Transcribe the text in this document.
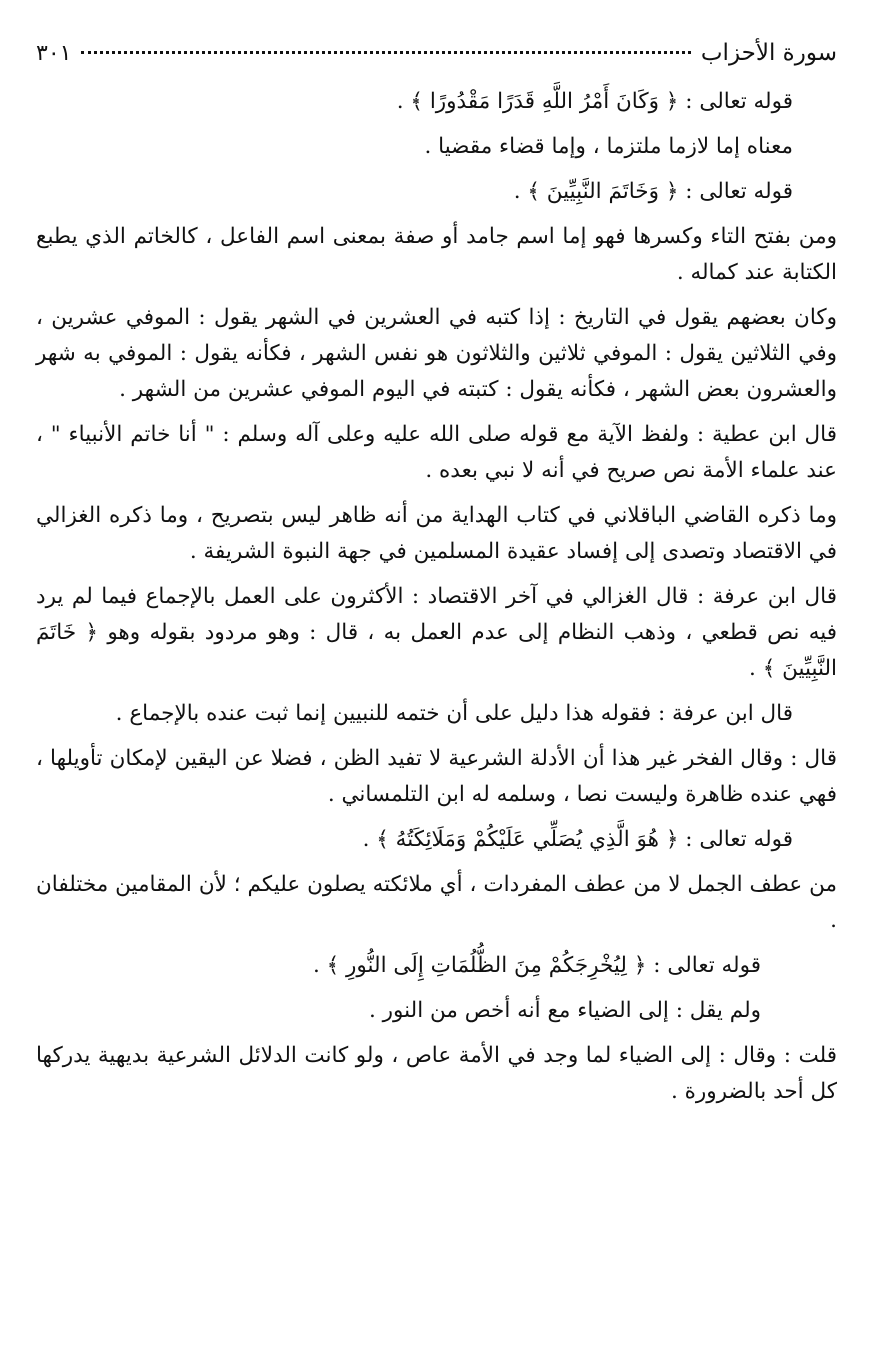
سورة الأحزاب
٣٠١

قوله تعالى : ﴿ وَكَانَ أَمْرُ اللَّهِ قَدَرًا مَقْدُورًا ﴾ .

معناه إما لازما ملتزما ، وإما قضاء مقضيا .

قوله تعالى : ﴿ وَخَاتَمَ النَّبِيِّينَ ﴾ .

ومن بفتح التاء وكسرها فهو إما اسم جامد أو صفة بمعنى اسم الفاعل ، كالخاتم الذي يطبع الكتابة عند كماله .

وكان بعضهم يقول في التاريخ : إذا كتبه في العشرين في الشهر يقول : الموفي عشرين ، وفي الثلاثين يقول : الموفي ثلاثين والثلاثون هو نفس الشهر ، فكأنه يقول : الموفي به شهر والعشرون بعض الشهر ، فكأنه يقول : كتبته في اليوم الموفي عشرين من الشهر .

قال ابن عطية : ولفظ الآية مع قوله صلى الله عليه وعلى آله وسلم : " أنا خاتم الأنبياء " ، عند علماء الأمة نص صريح في أنه لا نبي بعده .

وما ذكره القاضي الباقلاني في كتاب الهداية من أنه ظاهر ليس بتصريح ، وما ذكره الغزالي في الاقتصاد وتصدى إلى إفساد عقيدة المسلمين في جهة النبوة الشريفة .

قال ابن عرفة : قال الغزالي في آخر الاقتصاد : الأكثرون على العمل بالإجماع فيما لم يرد فيه نص قطعي ، وذهب النظام إلى عدم العمل به ، قال : وهو مردود بقوله وهو ﴿ خَاتَمَ النَّبِيِّينَ ﴾ .

قال ابن عرفة : فقوله هذا دليل على أن ختمه للنبيين إنما ثبت عنده بالإجماع .

قال : وقال الفخر غير هذا أن الأدلة الشرعية لا تفيد الظن ، فضلا عن اليقين لإمكان تأويلها ، فهي عنده ظاهرة وليست نصا ، وسلمه له ابن التلمساني .

قوله تعالى : ﴿ هُوَ الَّذِي يُصَلِّي عَلَيْكُمْ وَمَلَائِكَتُهُ ﴾ .

من عطف الجمل لا من عطف المفردات ، أي ملائكته يصلون عليكم ؛ لأن المقامين مختلفان .

قوله تعالى : ﴿ لِيُخْرِجَكُمْ مِنَ الظُّلُمَاتِ إِلَى النُّورِ ﴾ .

ولم يقل : إلى الضياء مع أنه أخص من النور .

قلت : وقال : إلى الضياء لما وجد في الأمة عاص ، ولو كانت الدلائل الشرعية بديهية يدركها كل أحد بالضرورة .
